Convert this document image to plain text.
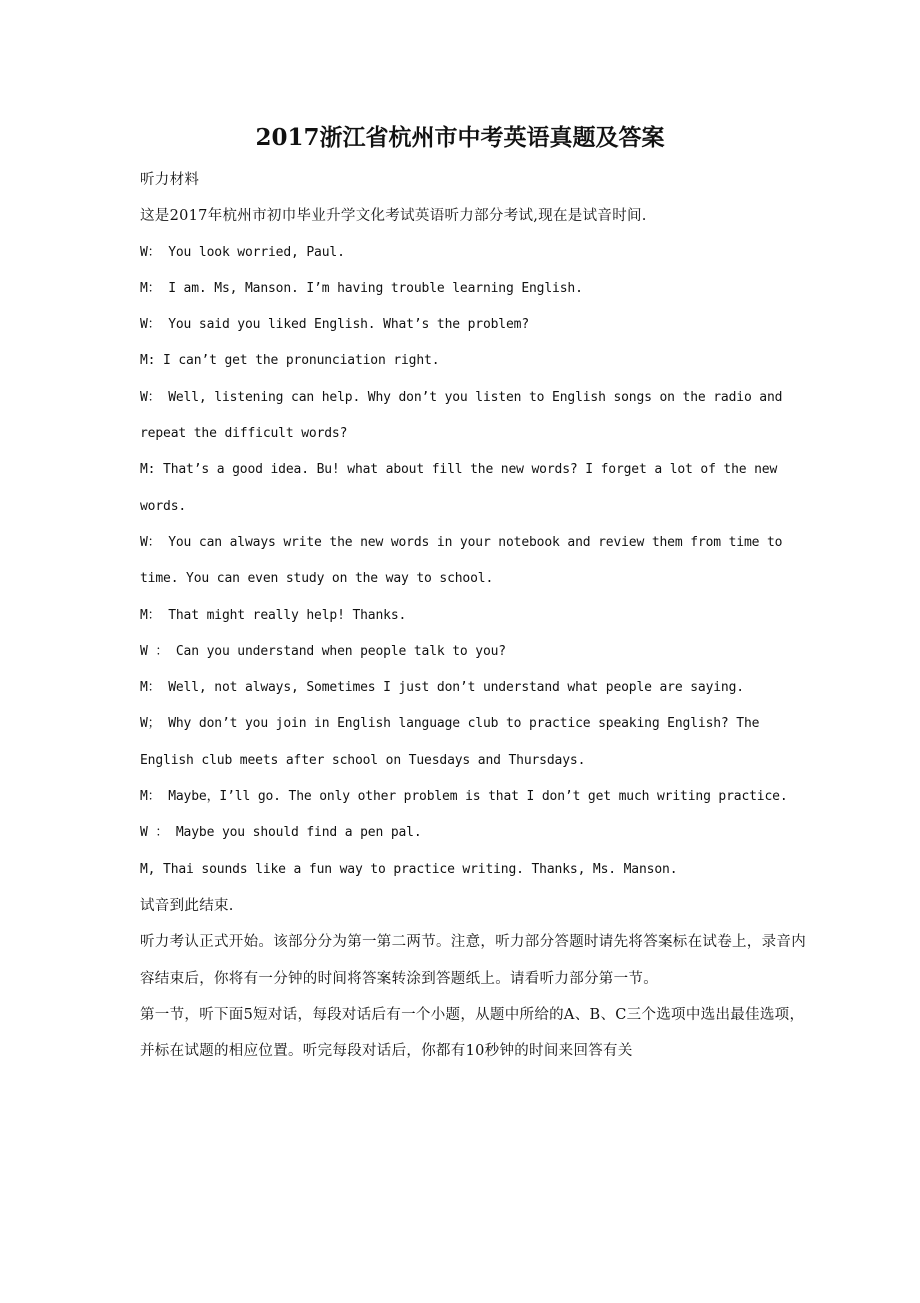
2017浙江省杭州市中考英语真题及答案

听力材料

这是2017年杭州市初巾毕业升学文化考试英语听力部分考试,现在是试音时间.

W： You look worried, Paul.

M： I am. Ms, Manson. I’m having trouble learning English.

W： You said you liked English. What’s the problem?

M: I can’t get the pronunciation right.

W： Well, listening can help. Why don’t you listen to English songs on the radio and repeat the difficult words?

M: That’s a good idea. Bu! what about fill the new words? I forget a lot of the new words.

W： You can always write the new words in your notebook and review them from time to time. You can even study on the way to school.

M： That might really help! Thanks.

W ： Can you understand when people talk to you?

M： Well, not always, Sometimes I just don’t understand what people are saying.

W； Why don’t you join in English language club to practice speaking English? The English club meets after school on Tuesdays and Thursdays.

M： Maybe，I’ll go. The only other problem is that I don’t get much writing practice.

W ： Maybe you should find a pen pal.

M, Thai sounds like a fun way to practice writing. Thanks, Ms. Manson.

试音到此结束.

听力考认正式开始。该部分分为第一第二两节。注意，听力部分答题时请先将答案标在试卷上，录音内容结束后，你将有一分钟的时间将答案转涂到答题纸上。请看听力部分第一节。

第一节，听下面5短对话，每段对话后有一个小题，从题中所给的A、B、C三个选项中选出最佳选项，并标在试题的相应位置。听完每段对话后，你都有10秒钟的时间来回答有关
